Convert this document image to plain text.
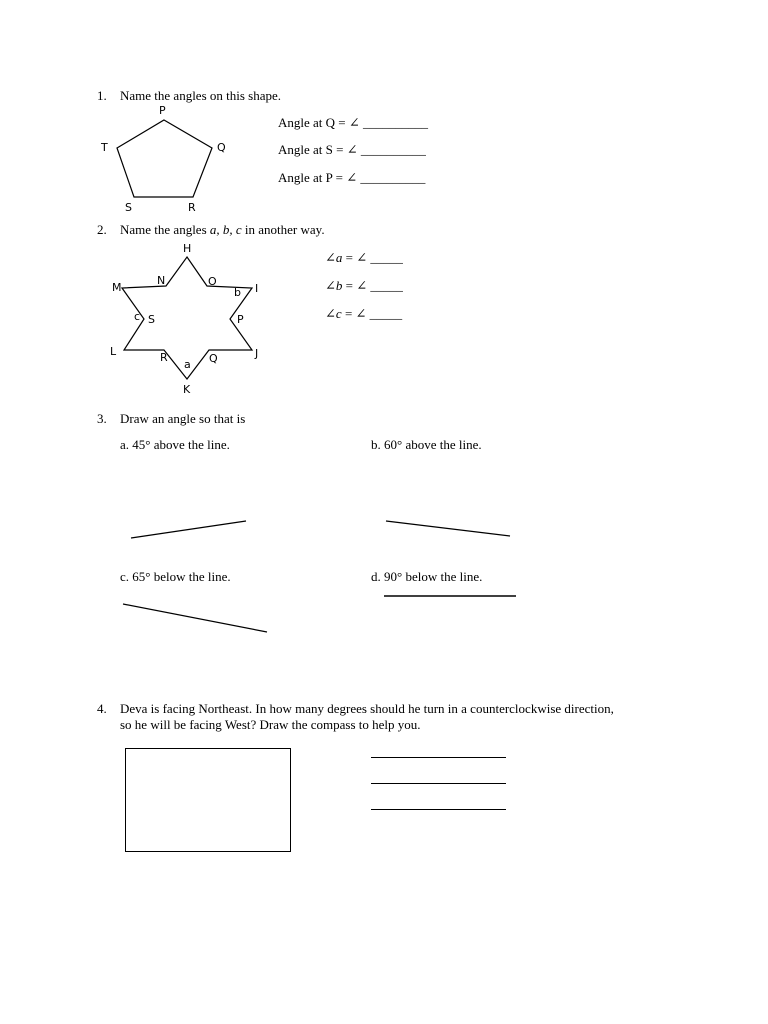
1. Name the angles on this shape.
P
Q
R
S
T
Angle at Q = ∠ __________
Angle at S = ∠ __________
Angle at P = ∠ __________
2. Name the angles a, b, c in another way.
H
N	O
M	b I
c S	P
L	J
R	Q
a
K
∠a = ∠ _____
∠b = ∠ _____
∠c = ∠ _____
3. Draw an angle so that is
a. 45° above the line.	b. 60° above the line.
c. 65° below the line.	d. 90° below the line.
4. Deva is facing Northeast. In how many degrees should he turn in a counterclockwise direction,
so he will be facing West? Draw the compass to help you.
